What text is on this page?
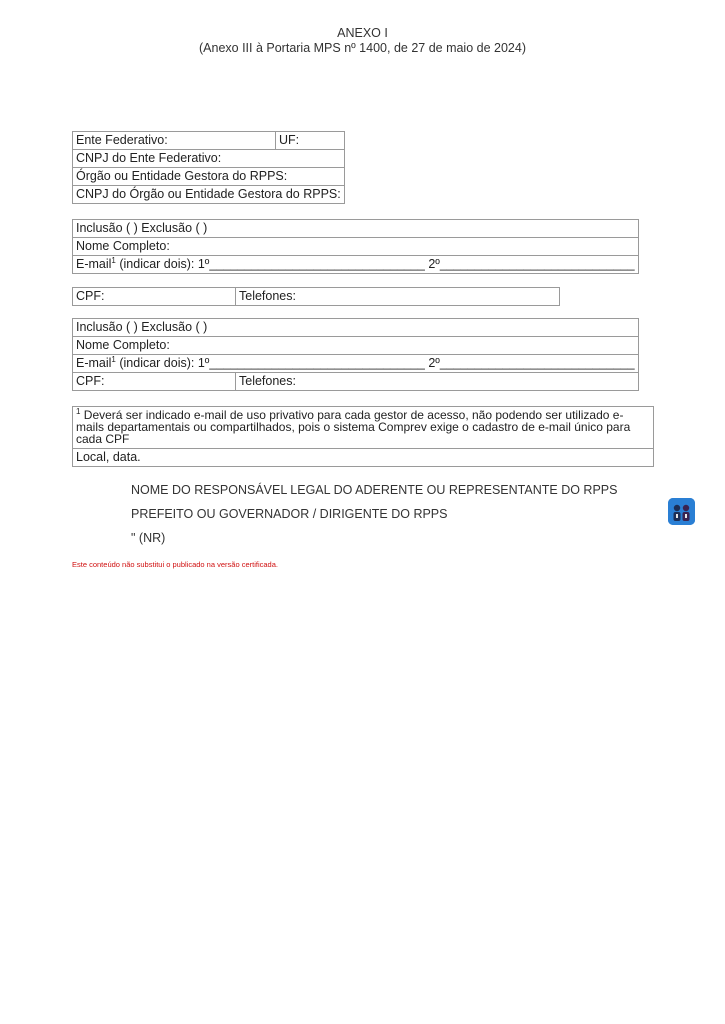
ANEXO I
(Anexo III à Portaria MPS nº 1400, de 27 de maio de 2024)
Ente Federativo:	UF:
CNPJ do Ente Federativo:
Órgão ou Entidade Gestora do RPPS:
CNPJ do Órgão ou Entidade Gestora do RPPS:
Inclusão ( ) Exclusão ( )
Nome Completo:
E-mail$^1$ (indicar dois): 1º_______________________________ 2º____________________________
CPF:	Telefones:
Inclusão ( ) Exclusão ( )
Nome Completo:
E-mail$^1$ (indicar dois): 1º_______________________________ 2º____________________________
CPF:	Telefones:
$^1$ Deverá ser indicado e-mail de uso privativo para cada gestor de acesso, não podendo ser utilizado e-mails departamentais ou compartilhados, pois o sistema Comprev exige o cadastro de e-mail único para cada CPF
Local, data.
NOME DO RESPONSÁVEL LEGAL DO ADERENTE OU REPRESENTANTE DO RPPS
PREFEITO OU GOVERNADOR / DIRIGENTE DO RPPS
" (NR)
Este conteúdo não substitui o publicado na versão certificada.
